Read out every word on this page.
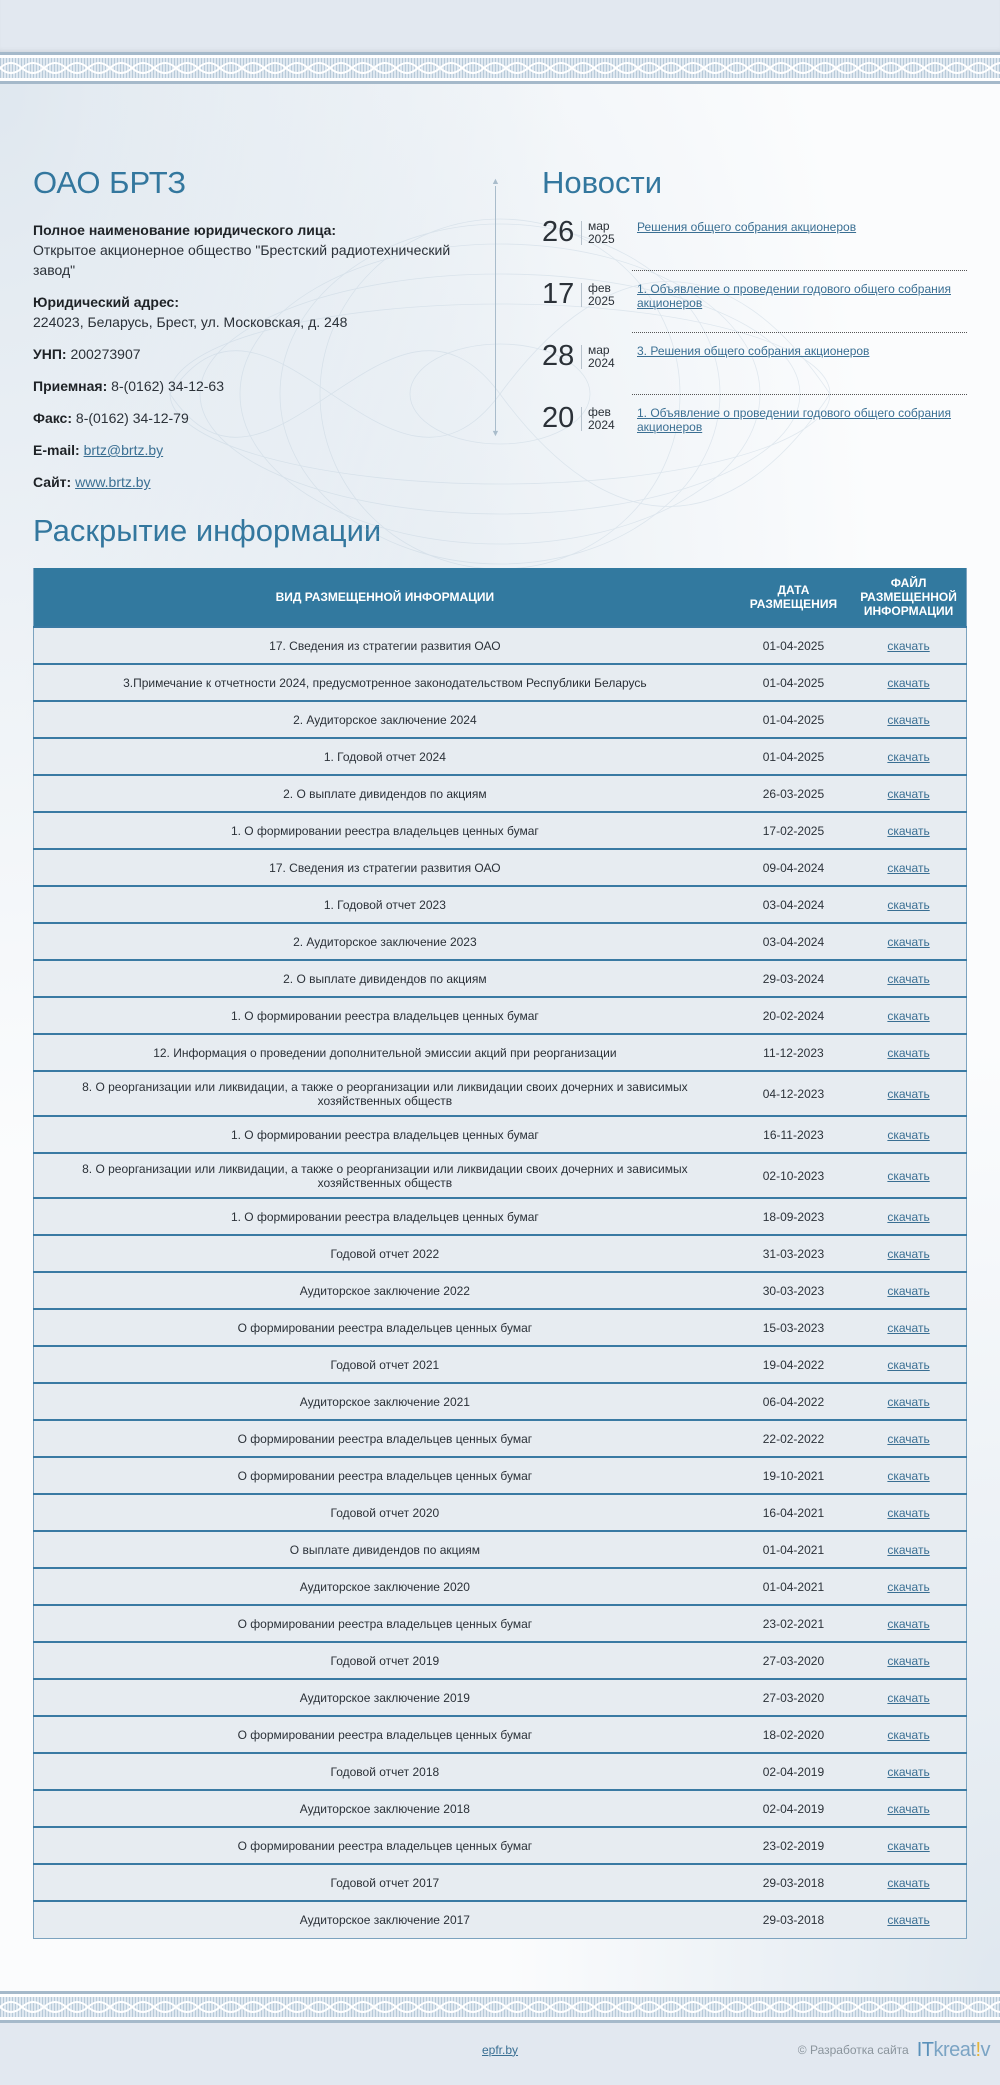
ОАО БРТЗ
Полное наименование юридического лица:
Открытое акционерное общество "Брестский радиотехнический завод"
Юридический адрес:
224023, Беларусь, Брест, ул. Московская, д. 248
УНП: 200273907
Приемная: 8-(0162) 34-12-63
Факс: 8-(0162) 34-12-79
E-mail: brtz@brtz.by
Сайт: www.brtz.by
▲
▼
Новости
26	мар
2025
Решения общего собрания акционеров
17	фев
2025
1. Объявление о проведении годового общего собрания акционеров
28	мар
2024
3. Решения общего собрания акционеров
20	фев
2024
1. Объявление о проведении годового общего собрания акционеров
Раскрытие информации
ВИД РАЗМЕЩЕННОЙ ИНФОРМАЦИИ	ДАТА РАЗМЕЩЕНИЯ	ФАЙЛ РАЗМЕЩЕННОЙ ИНФОРМАЦИИ
17. Сведения из стратегии развития ОАО	01-04-2025	скачать
3.Примечание к отчетности 2024, предусмотренное законодательством Республики Беларусь	01-04-2025	скачать
2. Аудиторское заключение 2024	01-04-2025	скачать
1. Годовой отчет 2024	01-04-2025	скачать
2. О выплате дивидендов по акциям	26-03-2025	скачать
1. О формировании реестра владельцев ценных бумаг	17-02-2025	скачать
17. Сведения из стратегии развития ОАО	09-04-2024	скачать
1. Годовой отчет 2023	03-04-2024	скачать
2. Аудиторское заключение 2023	03-04-2024	скачать
2. О выплате дивидендов по акциям	29-03-2024	скачать
1. О формировании реестра владельцев ценных бумаг	20-02-2024	скачать
12. Информация о проведении дополнительной эмиссии акций при реорганизации	11-12-2023	скачать
8. О реорганизации или ликвидации, а также о реорганизации или ликвидации своих дочерних и зависимых хозяйственных обществ	04-12-2023	скачать
1. О формировании реестра владельцев ценных бумаг	16-11-2023	скачать
8. О реорганизации или ликвидации, а также о реорганизации или ликвидации своих дочерних и зависимых хозяйственных обществ	02-10-2023	скачать
1. О формировании реестра владельцев ценных бумаг	18-09-2023	скачать
Годовой отчет 2022	31-03-2023	скачать
Аудиторское заключение 2022	30-03-2023	скачать
О формировании реестра владельцев ценных бумаг	15-03-2023	скачать
Годовой отчет 2021	19-04-2022	скачать
Аудиторское заключение 2021	06-04-2022	скачать
О формировании реестра владельцев ценных бумаг	22-02-2022	скачать
О формировании реестра владельцев ценных бумаг	19-10-2021	скачать
Годовой отчет 2020	16-04-2021	скачать
О выплате дивидендов по акциям	01-04-2021	скачать
Аудиторское заключение 2020	01-04-2021	скачать
О формировании реестра владельцев ценных бумаг	23-02-2021	скачать
Годовой отчет 2019	27-03-2020	скачать
Аудиторское заключение 2019	27-03-2020	скачать
О формировании реестра владельцев ценных бумаг	18-02-2020	скачать
Годовой отчет 2018	02-04-2019	скачать
Аудиторское заключение 2018	02-04-2019	скачать
О формировании реестра владельцев ценных бумаг	23-02-2019	скачать
Годовой отчет 2017	29-03-2018	скачать
Аудиторское заключение 2017	29-03-2018	скачать
epfr.by	© Разработка сайта ITkreat!v
